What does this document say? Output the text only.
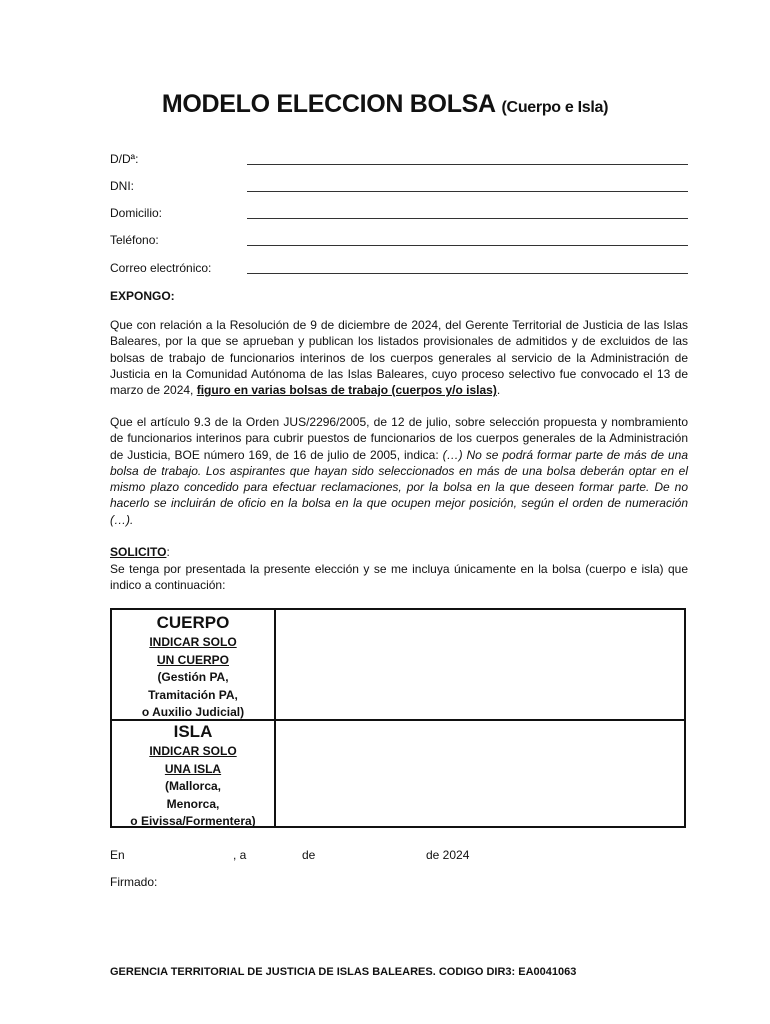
MODELO ELECCION BOLSA (Cuerpo e Isla)
D/Dª:
DNI:
Domicilio:
Teléfono:
Correo electrónico:
EXPONGO:
Que con relación a la Resolución de 9 de diciembre de 2024, del Gerente Territorial de Justicia de las Islas Baleares, por la que se aprueban y publican los listados provisionales de admitidos y de excluidos de las bolsas de trabajo de funcionarios interinos de los cuerpos generales al servicio de la Administración de Justicia en la Comunidad Autónoma de las Islas Baleares, cuyo proceso selectivo fue convocado el 13 de marzo de 2024, figuro en varias bolsas de trabajo (cuerpos y/o islas).
Que el artículo 9.3 de la Orden JUS/2296/2005, de 12 de julio, sobre selección propuesta y nombramiento de funcionarios interinos para cubrir puestos de funcionarios de los cuerpos generales de la Administración de Justicia, BOE número 169, de 16 de julio de 2005, indica: (…) No se podrá formar parte de más de una bolsa de trabajo. Los aspirantes que hayan sido seleccionados en más de una bolsa deberán optar en el mismo plazo concedido para efectuar reclamaciones, por la bolsa en la que deseen formar parte. De no hacerlo se incluirán de oficio en la bolsa en la que ocupen mejor posición, según el orden de numeración (…).
SOLICITO:
Se tenga por presentada la presente elección y se me incluya únicamente en la bolsa (cuerpo e isla) que indico a continuación:
CUERPO
INDICAR SOLO
UN CUERPO
(Gestión PA,
Tramitación PA,
o Auxilio Judicial)
ISLA
INDICAR SOLO
UNA ISLA
(Mallorca,
Menorca,
o Eivissa/Formentera)
En	, a	de	de 2024
Firmado:
GERENCIA TERRITORIAL DE JUSTICIA DE ISLAS BALEARES. CODIGO DIR3: EA0041063
